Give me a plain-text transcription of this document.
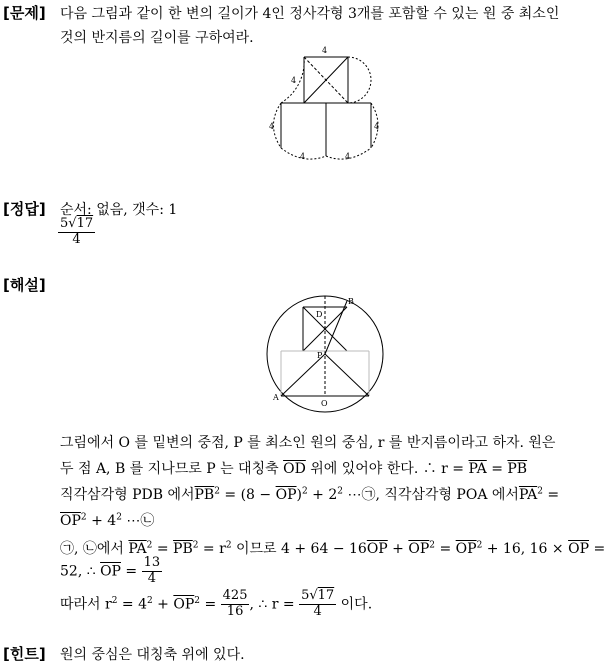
[문제] 다음 그림과 같이 한 변의 길이가 4인 정사각형 3개를 포함할 수 있는 원 중 최소인
것의 반지름의 길이를 구하여라.
4
4
4	4
4	4
[정답] 순서: 없음, 갯수: 1
$\frac{5√17}{4}$
[해설]
B
D
P
A
O
그림에서 O 를 밑변의 중점, P 를 최소인 원의 중심, r 를 반지름이라고 하자. 원은
두 점 A, B 를 지나므로 P 는 대칭축 $\overline{OD}$ 위에 있어야 한다. ∴ $r = \overline{PA} = \overline{PB}$
직각삼각형 PDB 에서$\overline{PB}^2 = (8 - \overline{OP})^2 + 2^2$ ⋯㉠, 직각삼각형 POA 에서$\overline{PA}^2$ =
$\overline{OP}^2 + 4^2$ ⋯㉡
㉠, ㉡에서 $\overline{PA}^2 = \overline{PB}^2 = r^2$ 이므로 $4 + 64 - 16\overline{OP} + \overline{OP}^2 = \overline{OP}^2 + 16$, $16 \times \overline{OP}$ =
52, ∴ $\overline{OP} = \frac{13}{4}$
따라서 $r^2 = 4^2 + \overline{OP}^2 = \frac{425}{16}$ , ∴ $r = \frac{5√17}{4}$ 이다.
[힌트] 원의 중심은 대칭축 위에 있다.
